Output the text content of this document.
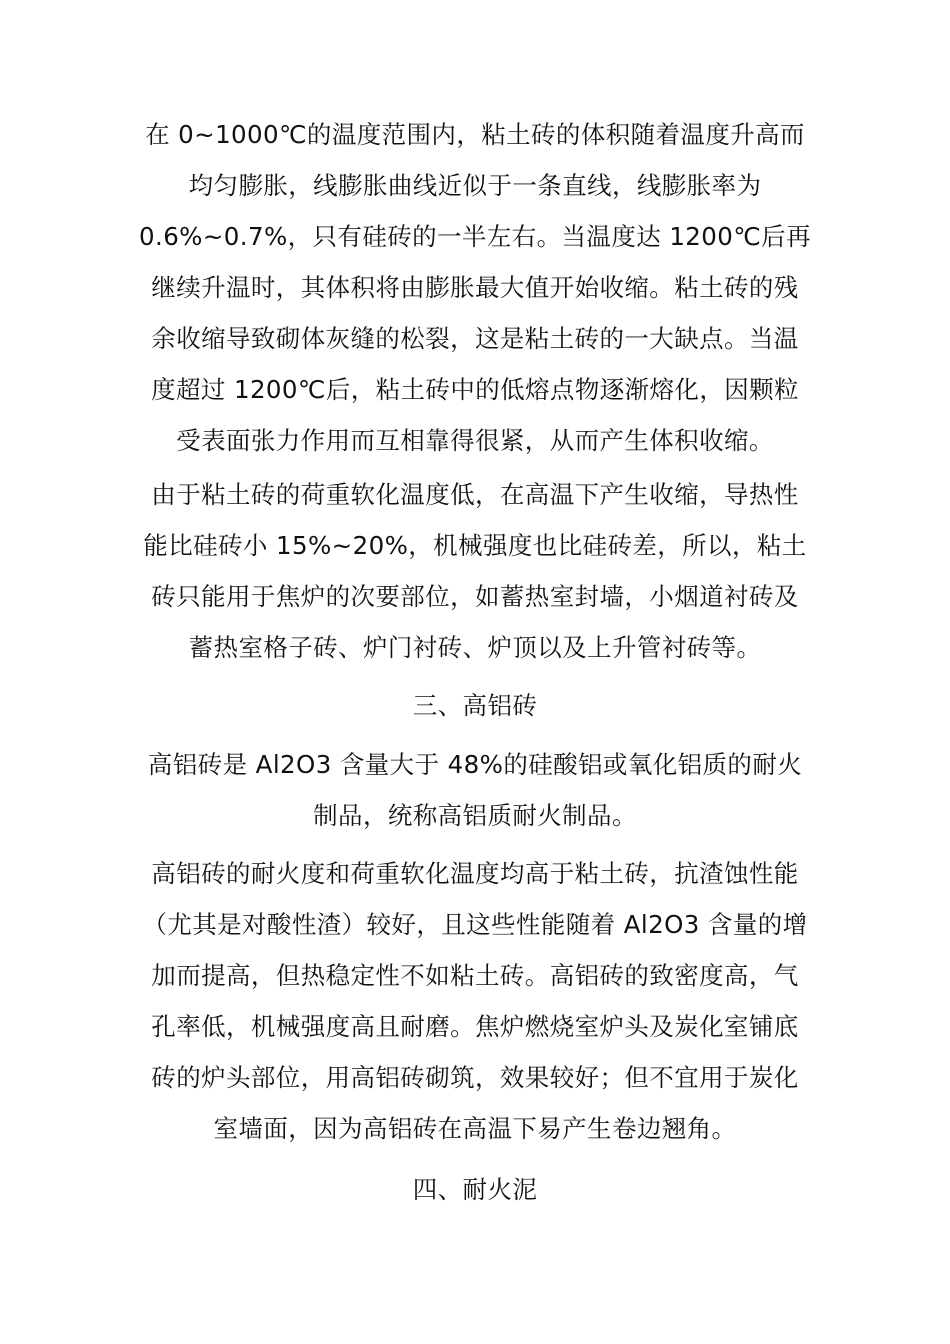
在 0~1000℃的温度范围内，粘土砖的体积随着温度升高而
均匀膨胀，线膨胀曲线近似于一条直线，线膨胀率为
0.6%~0.7%，只有硅砖的一半左右。当温度达 1200℃后再
继续升温时，其体积将由膨胀最大值开始收缩。粘土砖的残
余收缩导致砌体灰缝的松裂，这是粘土砖的一大缺点。当温
度超过 1200℃后，粘土砖中的低熔点物逐渐熔化，因颗粒
受表面张力作用而互相靠得很紧，从而产生体积收缩。
由于粘土砖的荷重软化温度低，在高温下产生收缩，导热性
能比硅砖小 15%~20%，机械强度也比硅砖差，所以，粘土
砖只能用于焦炉的次要部位，如蓄热室封墙，小烟道衬砖及
蓄热室格子砖、炉门衬砖、炉顶以及上升管衬砖等。
三、高铝砖
高铝砖是 Al2O3 含量大于 48%的硅酸铝或氧化铝质的耐火
制品，统称高铝质耐火制品。
高铝砖的耐火度和荷重软化温度均高于粘土砖，抗渣蚀性能
（尤其是对酸性渣）较好，且这些性能随着 Al2O3 含量的增
加而提高，但热稳定性不如粘土砖。高铝砖的致密度高，气
孔率低，机械强度高且耐磨。焦炉燃烧室炉头及炭化室铺底
砖的炉头部位，用高铝砖砌筑，效果较好；但不宜用于炭化
室墙面，因为高铝砖在高温下易产生卷边翘角。
四、耐火泥
